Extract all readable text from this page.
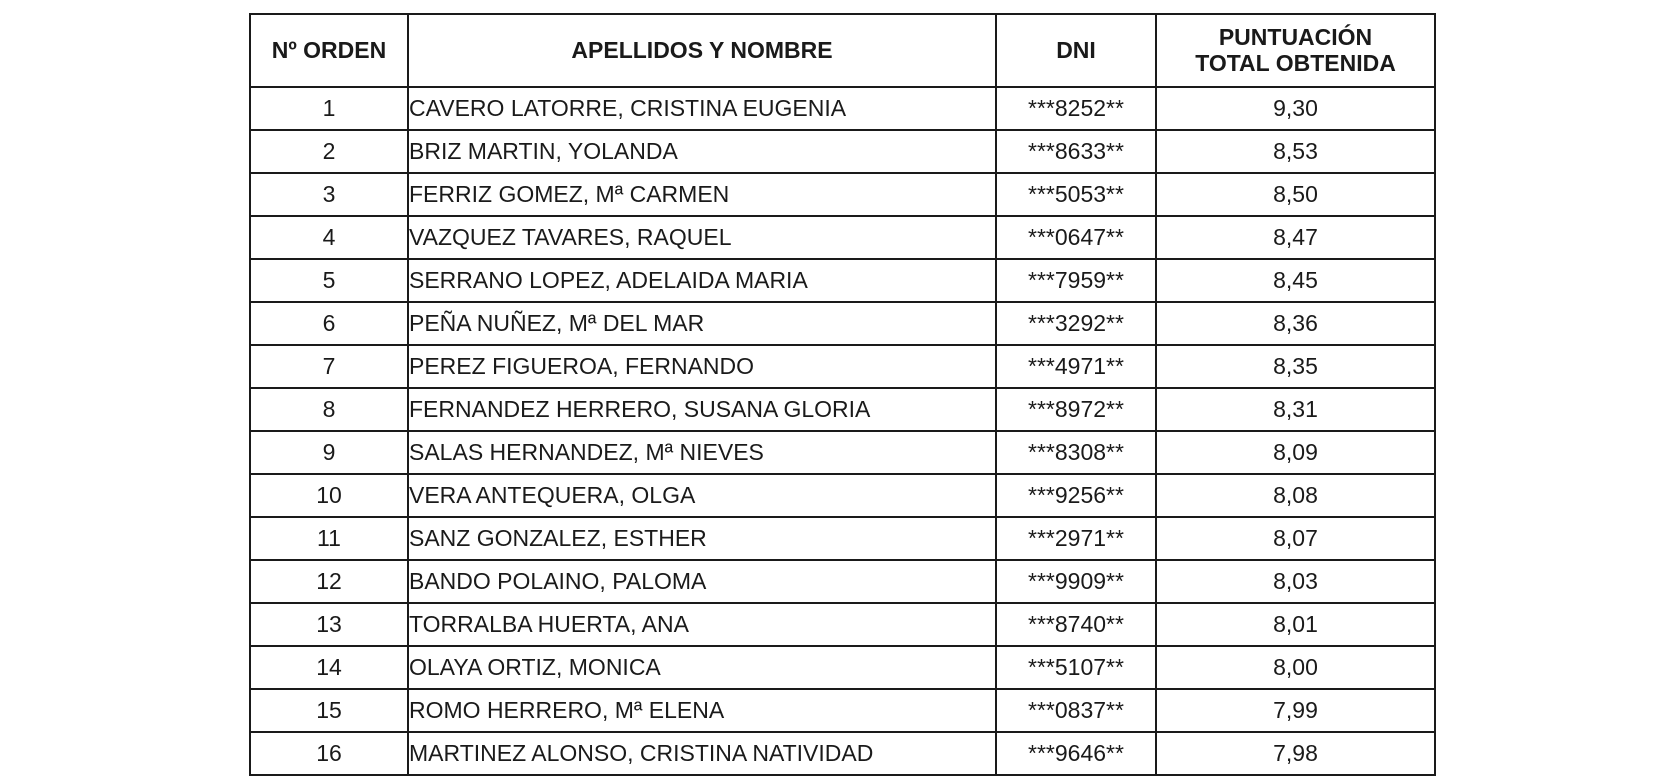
Nº ORDEN	APELLIDOS Y NOMBRE	DNI	PUNTUACIÓN
TOTAL OBTENIDA

1	CAVERO LATORRE, CRISTINA EUGENIA	***8252**	9,30
2	BRIZ MARTIN, YOLANDA	***8633**	8,53
3	FERRIZ GOMEZ, Mª CARMEN	***5053**	8,50
4	VAZQUEZ TAVARES, RAQUEL	***0647**	8,47
5	SERRANO LOPEZ, ADELAIDA MARIA	***7959**	8,45
6	PEÑA NUÑEZ, Mª DEL MAR	***3292**	8,36
7	PEREZ FIGUEROA, FERNANDO	***4971**	8,35
8	FERNANDEZ HERRERO, SUSANA GLORIA	***8972**	8,31
9	SALAS HERNANDEZ, Mª NIEVES	***8308**	8,09
10	VERA ANTEQUERA, OLGA	***9256**	8,08
11	SANZ GONZALEZ, ESTHER	***2971**	8,07
12	BANDO POLAINO, PALOMA	***9909**	8,03
13	TORRALBA HUERTA, ANA	***8740**	8,01
14	OLAYA ORTIZ, MONICA	***5107**	8,00
15	ROMO HERRERO, Mª ELENA	***0837**	7,99
16	MARTINEZ ALONSO, CRISTINA NATIVIDAD	***9646**	7,98
